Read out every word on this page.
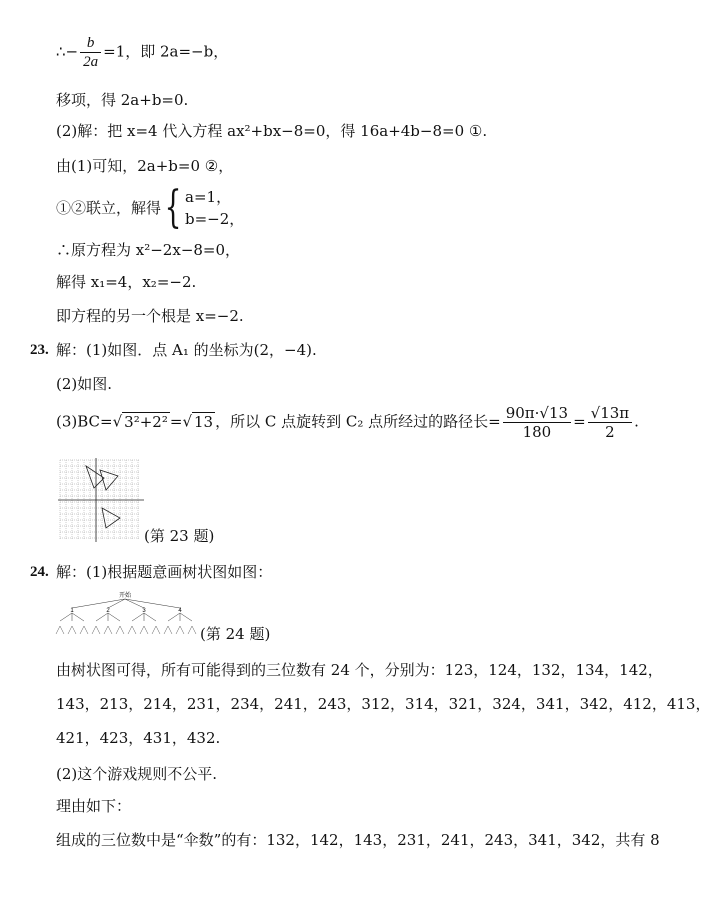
∴− $\frac{b}{2a} =1$，即 2a=−b，
移项，得 2a+b=0.
(2)解：把 x=4 代入方程 ax²+bx−8=0，得 16a+4b−8=0 ①.
由(1)可知，2a+b=0 ②，
①②联立，解得{ a=1，
b=−2，
∴原方程为 x²−2x−8=0，
解得 x₁=4，x₂=−2.
即方程的另一个根是 x=−2.
23. 解：(1)如图．点 A₁ 的坐标为(2，−4).
(2)如图.
(3)BC=√ 3²+2² =√ 13 ，所以 C 点旋转到 C₂ 点所经过的路径长= $\frac{90\pi\cdot√13}{180} = \frac{√13\pi}{2}$ .
(第 23 题)
24. 解：(1)根据题意画树状图如图：
开始
1	2	3	4
(第 24 题)
由树状图可得，所有可能得到的三位数有 24 个，分别为：123，124，132，134，142，
143，213，214，231，234，241，243，312，314，321，324，341，342，412，413，
421，423，431，432.
(2)这个游戏规则不公平.
理由如下：
组成的三位数中是“伞数”的有：132，142，143，231，241，243，341，342，共有 8
